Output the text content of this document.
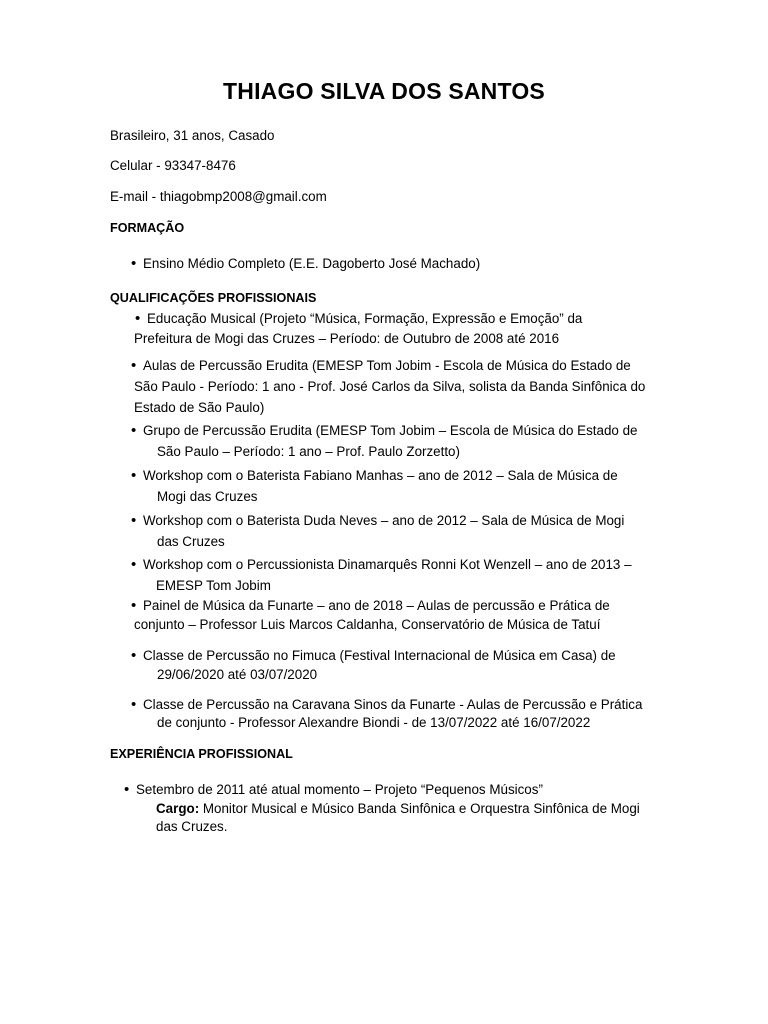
THIAGO SILVA DOS SANTOS
Brasileiro, 31 anos, Casado
Celular - 93347-8476
E-mail - thiagobmp2008@gmail.com
FORMAÇÃO
• Ensino Médio Completo (E.E. Dagoberto José Machado)
QUALIFICAÇÕES PROFISSIONAIS
• Educação Musical (Projeto “Música, Formação, Expressão e Emoção” da
Prefeitura de Mogi das Cruzes – Período: de Outubro de 2008 até 2016
• Aulas de Percussão Erudita (EMESP Tom Jobim - Escola de Música do Estado de
São Paulo - Período: 1 ano - Prof. José Carlos da Silva, solista da Banda Sinfônica do
Estado de São Paulo)
• Grupo de Percussão Erudita (EMESP Tom Jobim – Escola de Música do Estado de
São Paulo – Período: 1 ano – Prof. Paulo Zorzetto)
• Workshop com o Baterista Fabiano Manhas – ano de 2012 – Sala de Música de
Mogi das Cruzes
• Workshop com o Baterista Duda Neves – ano de 2012 – Sala de Música de Mogi
das Cruzes
• Workshop com o Percussionista Dinamarquês Ronni Kot Wenzell – ano de 2013 –
EMESP Tom Jobim
• Painel de Música da Funarte – ano de 2018 – Aulas de percussão e Prática de
conjunto – Professor Luis Marcos Caldanha, Conservatório de Música de Tatuí
• Classe de Percussão no Fimuca (Festival Internacional de Música em Casa) de
29/06/2020 até 03/07/2020
• Classe de Percussão na Caravana Sinos da Funarte - Aulas de Percussão e Prática
de conjunto - Professor Alexandre Biondi - de 13/07/2022 até 16/07/2022
EXPERIÊNCIA PROFISSIONAL
• Setembro de 2011 até atual momento – Projeto “Pequenos Músicos”
Cargo: Monitor Musical e Músico Banda Sinfônica e Orquestra Sinfônica de Mogi
das Cruzes.
